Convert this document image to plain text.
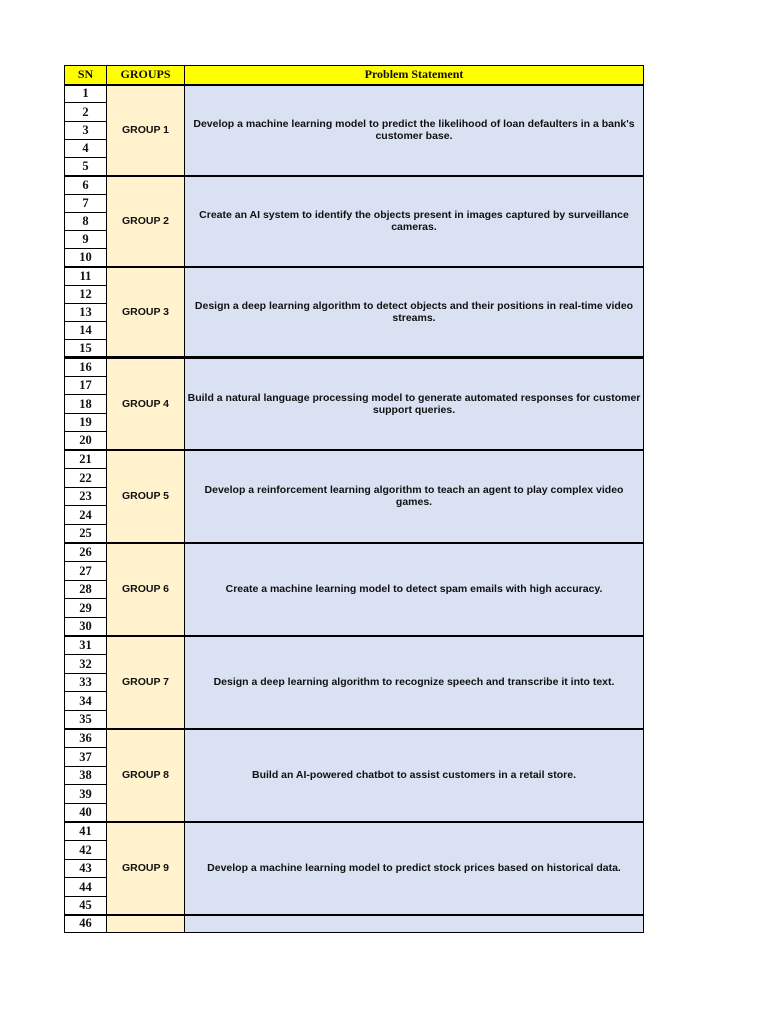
SN	GROUPS	Problem Statement
1	GROUP 1	Develop a machine learning model to predict the likelihood of loan defaulters in a bank's
customer base.

2		
3		
4		
5		
6	GROUP 2	Create an AI system to identify the objects present in images captured by surveillance cameras.

7		
8		
9		
10		
11	GROUP 3	Design a deep learning algorithm to detect objects and their positions in real-time video streams.

12		
13		
14		
15		
16	GROUP 4	Build a natural language processing model to generate automated responses for customer
support queries.

17		
18		
19		
20		
21	GROUP 5	Develop a reinforcement learning algorithm to teach an agent to play complex video games.

22		
23		
24		
25		
26	GROUP 6	Create a machine learning model to detect spam emails with high accuracy.

27		
28		
29		
30		
31	GROUP 7	Design a deep learning algorithm to recognize speech and transcribe it into text.

32		
33		
34		
35		
36	GROUP 8	Build an AI-powered chatbot to assist customers in a retail store.

37		
38		
39		
40		
41	GROUP 9	Develop a machine learning model to predict stock prices based on historical data.

42		
43		
44		
45		
46		
